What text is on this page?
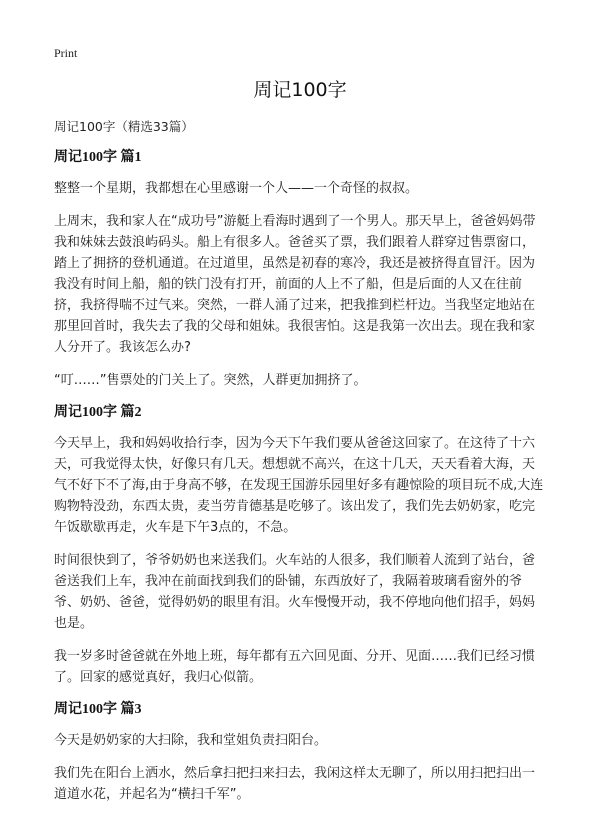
Print
周记100字

周记100字（精选33篇）

周记100字 篇1

整整一个星期，我都想在心里感谢一个人——一个奇怪的叔叔。

上周末，我和家人在“成功号”游艇上看海时遇到了一个男人。那天早上，爸爸妈妈带我和妹妹去鼓浪屿码头。船上有很多人。爸爸买了票，我们跟着人群穿过售票窗口，踏上了拥挤的登机通道。在过道里，虽然是初春的寒冷，我还是被挤得直冒汗。因为我没有时间上船，船的铁门没有打开，前面的人上不了船，但是后面的人又在往前挤，我挤得喘不过气来。突然，一群人涌了过来，把我推到栏杆边。当我坚定地站在那里回首时，我失去了我的父母和姐妹。我很害怕。这是我第一次出去。现在我和家人分开了。我该怎么办?

“叮……”售票处的门关上了。突然，人群更加拥挤了。

周记100字 篇2

今天早上，我和妈妈收拾行李，因为今天下午我们要从爸爸这回家了。在这待了十六天，可我觉得太快，好像只有几天。想想就不高兴，在这十几天，天天看着大海，天气不好下不了海,由于身高不够，在发现王国游乐园里好多有趣惊险的项目玩不成,大连购物特没劲，东西太贵，麦当劳肯德基是吃够了。该出发了，我们先去奶奶家，吃完午饭歇歇再走，火车是下午3点的，不急。

时间很快到了，爷爷奶奶也来送我们。火车站的人很多，我们顺着人流到了站台，爸爸送我们上车，我冲在前面找到我们的卧铺，东西放好了，我隔着玻璃看窗外的爷爷、奶奶、爸爸，觉得奶奶的眼里有泪。火车慢慢开动，我不停地向他们招手，妈妈也是。

我一岁多时爸爸就在外地上班，每年都有五六回见面、分开、见面……我们已经习惯了。回家的感觉真好，我归心似箭。

周记100字 篇3

今天是奶奶家的大扫除，我和堂姐负责扫阳台。

我们先在阳台上洒水，然后拿扫把扫来扫去，我闲这样太无聊了，所以用扫把扫出一道道水花，并起名为“横扫千军”。
